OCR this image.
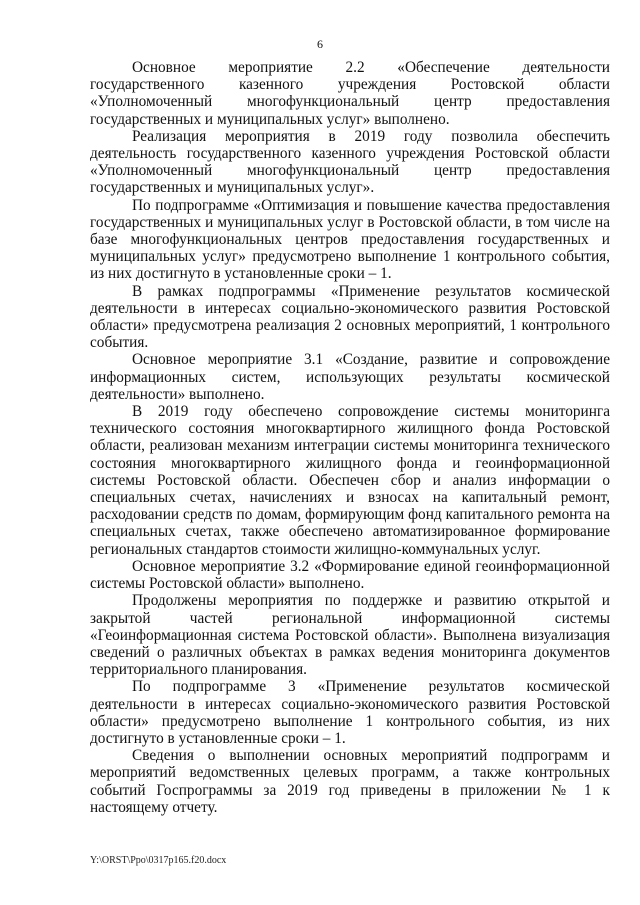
6

Основное мероприятие 2.2 «Обеспечение деятельности государственного казенного учреждения Ростовской области «Уполномоченный многофункциональный центр предоставления государственных и муниципальных услуг» выполнено.

Реализация мероприятия в 2019 году позволила обеспечить деятельность государственного казенного учреждения Ростовской области «Уполномоченный многофункциональный центр предоставления государственных и муниципальных услуг».

По подпрограмме «Оптимизация и повышение качества предоставления государственных и муниципальных услуг в Ростовской области, в том числе на базе многофункциональных центров предоставления государственных и муниципальных услуг» предусмотрено выполнение 1 контрольного события, из них достигнуто в установленные сроки – 1.

В рамках подпрограммы «Применение результатов космической деятельности в интересах социально-экономического развития Ростовской области» предусмотрена реализация 2 основных мероприятий, 1 контрольного события.

Основное мероприятие 3.1 «Создание, развитие и сопровождение информационных систем, использующих результаты космической деятельности» выполнено.

В 2019 году обеспечено сопровождение системы мониторинга технического состояния многоквартирного жилищного фонда Ростовской области, реализован механизм интеграции системы мониторинга технического состояния многоквартирного жилищного фонда и геоинформационной системы Ростовской области. Обеспечен сбор и анализ информации о специальных счетах, начислениях и взносах на капитальный ремонт, расходовании средств по домам, формирующим фонд капитального ремонта на специальных счетах, также обеспечено автоматизированное формирование региональных стандартов стоимости жилищно-коммунальных услуг.

Основное мероприятие 3.2 «Формирование единой геоинформационной системы Ростовской области» выполнено.

Продолжены мероприятия по поддержке и развитию открытой и закрытой частей региональной информационной системы «Геоинформационная система Ростовской области». Выполнена визуализация сведений о различных объектах в рамках ведения мониторинга документов территориального планирования.

По подпрограмме 3 «Применение результатов космической деятельности в интересах социально-экономического развития Ростовской области» предусмотрено выполнение 1 контрольного события, из них достигнуто в установленные сроки – 1.

Сведения о выполнении основных мероприятий подпрограмм и мероприятий ведомственных целевых программ, а также контрольных событий Госпрограммы за 2019 год приведены в приложении № 1 к настоящему отчету.

Y:\ORST\Ppo\0317p165.f20.docx
